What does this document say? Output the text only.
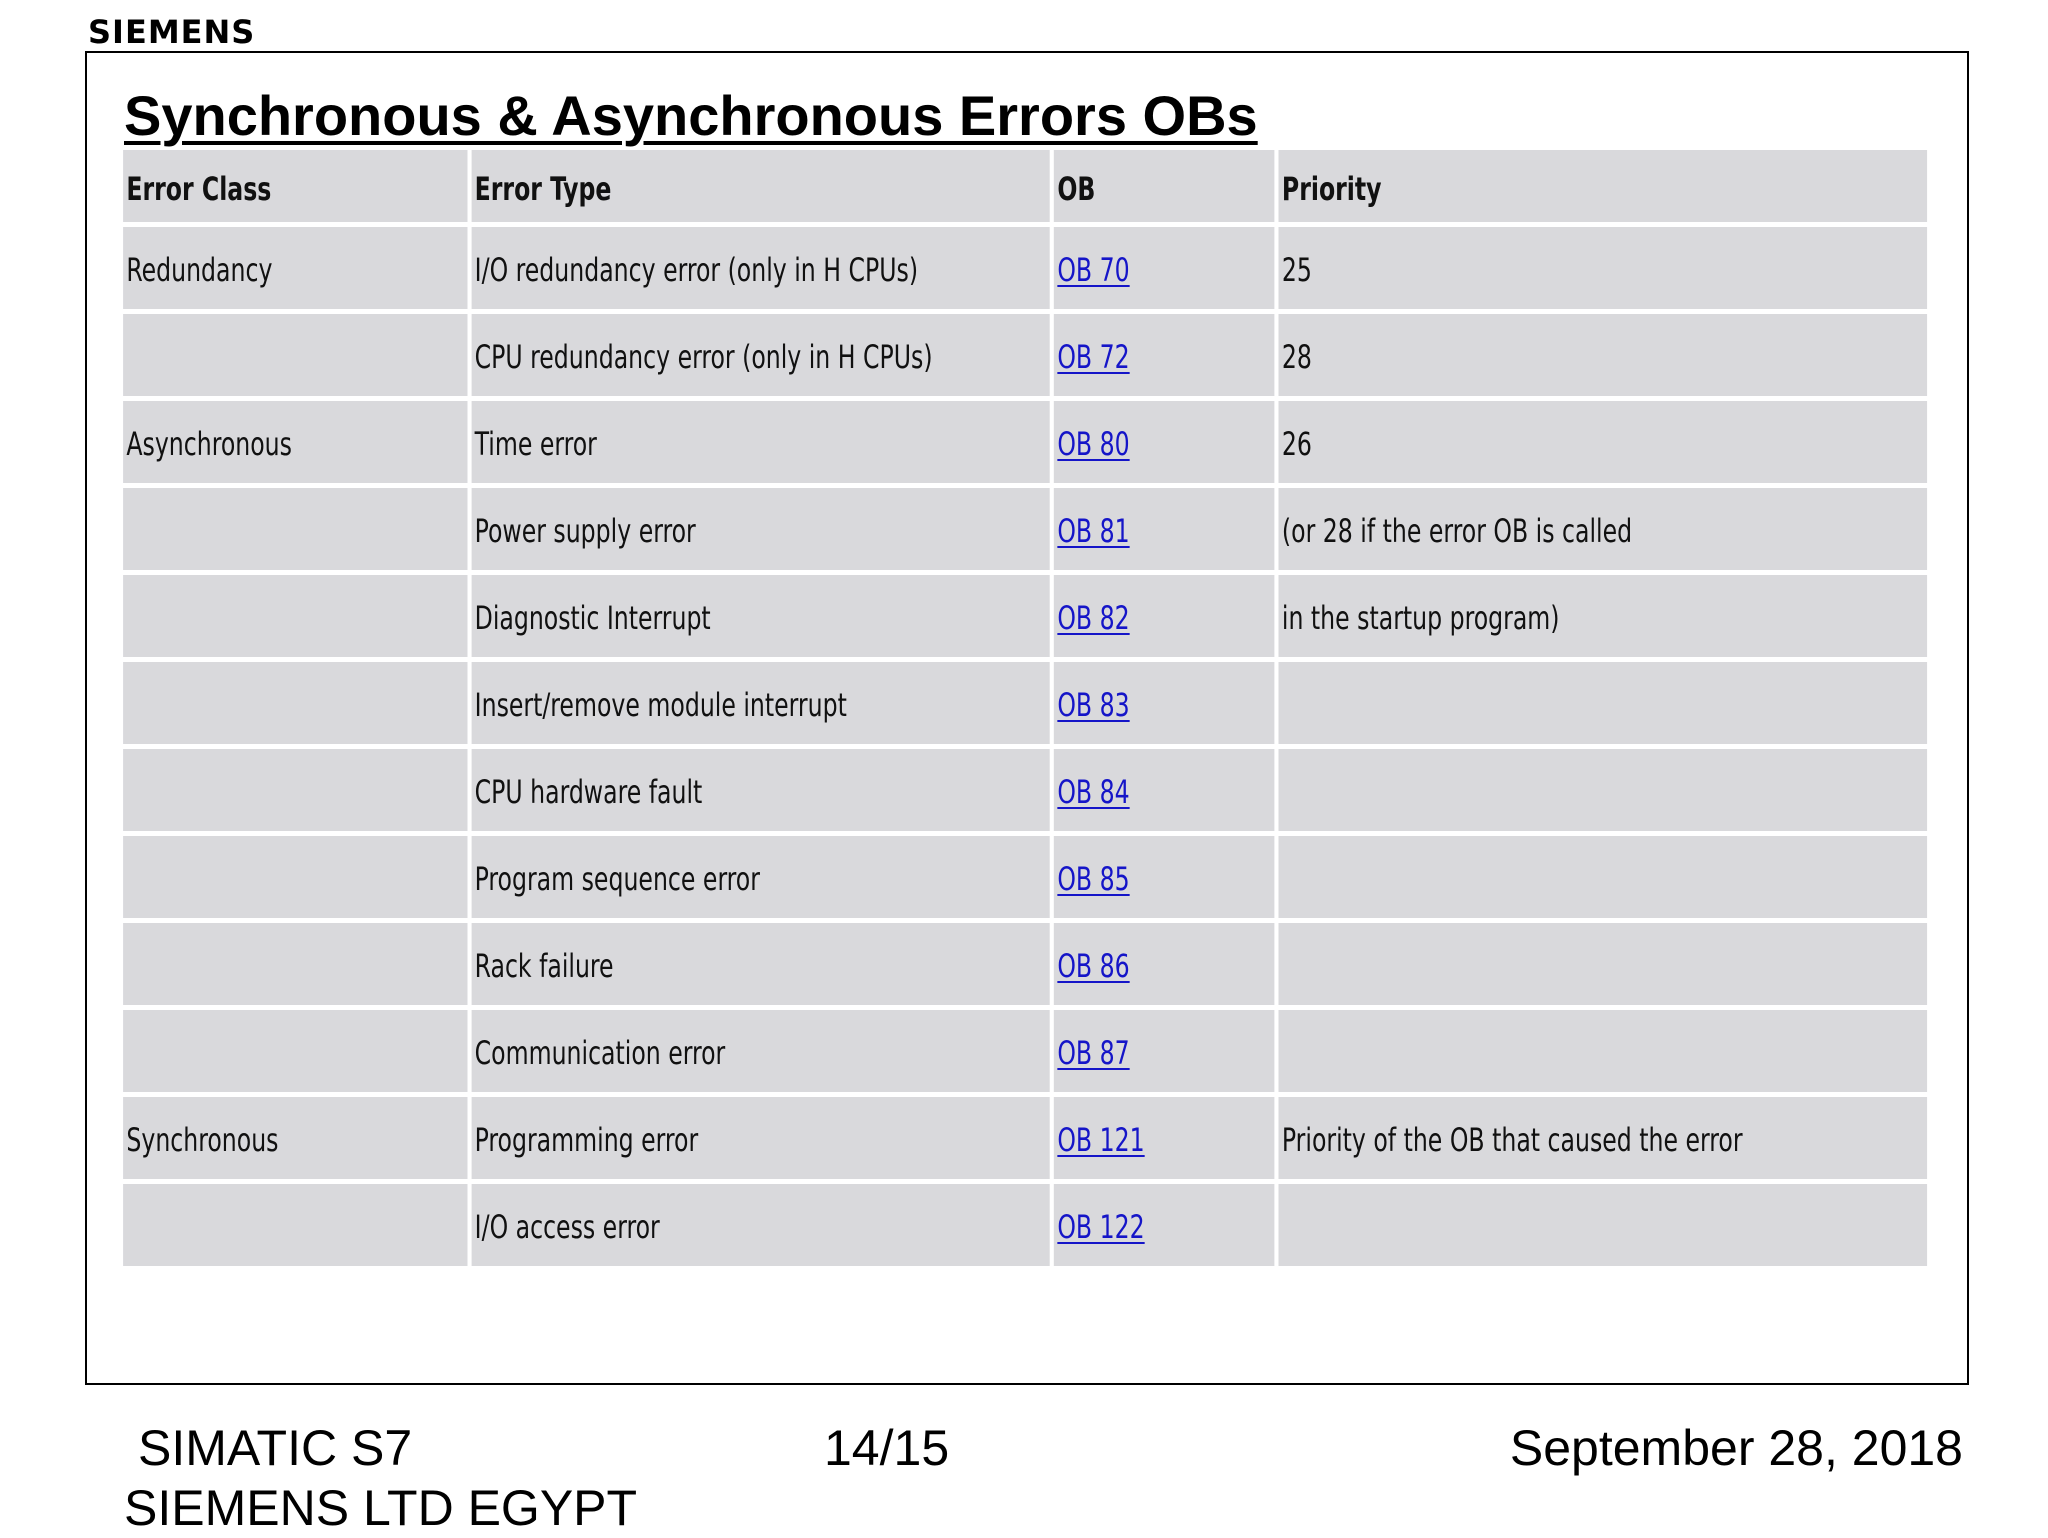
SIEMENS
Synchronous & Asynchronous Errors OBs
Error Class	Error Type	OB	Priority
Redundancy	I/O redundancy error (only in H CPUs)	OB 70	25
	CPU redundancy error (only in H CPUs)	OB 72	28
Asynchronous	Time error	OB 80	26
	Power supply error	OB 81	(or 28 if the error OB is called
	Diagnostic Interrupt	OB 82	in the startup program)
	Insert/remove module interrupt	OB 83	
	CPU hardware fault	OB 84	
	Program sequence error	OB 85	
	Rack failure	OB 86	
	Communication error	OB 87	
Synchronous	Programming error	OB 121	Priority of the OB that caused the error
	I/O access error	OB 122	
SIMATIC S7
SIEMENS LTD EGYPT
14/15	September 28, 2018
